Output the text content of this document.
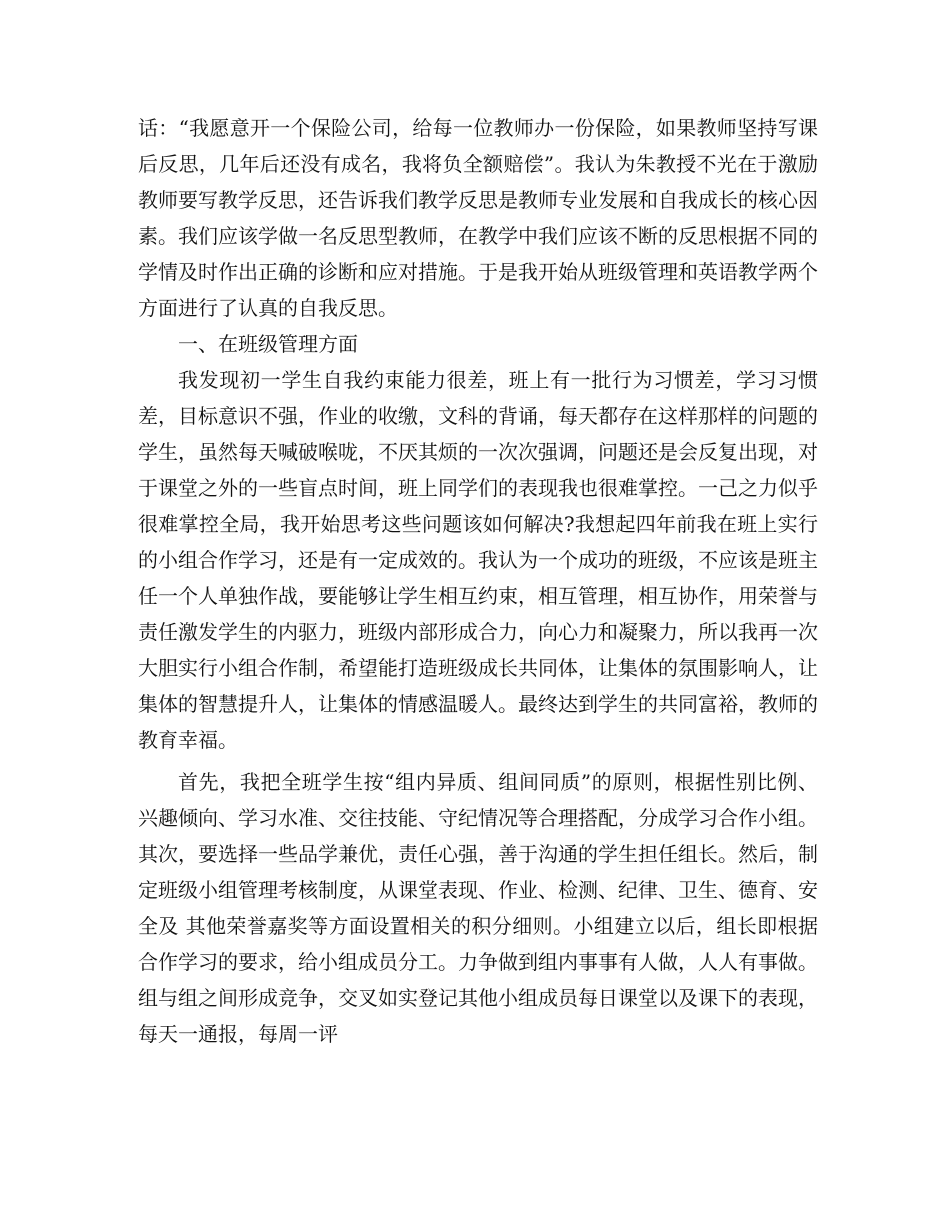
话：“我愿意开一个保险公司，给每一位教师办一份保险，如果教师坚持写课后反思，几年后还没有成名，我将负全额赔偿”。我认为朱教授不光在于激励教师要写教学反思，还告诉我们教学反思是教师专业发展和自我成长的核心因素。我们应该学做一名反思型教师，在教学中我们应该不断的反思根据不同的学情及时作出正确的诊断和应对措施。于是我开始从班级管理和英语教学两个方面进行了认真的自我反思。

一、在班级管理方面

我发现初一学生自我约束能力很差，班上有一批行为习惯差，学习习惯差，目标意识不强，作业的收缴，文科的背诵，每天都存在这样那样的问题的学生，虽然每天喊破喉咙，不厌其烦的一次次强调，问题还是会反复出现，对于课堂之外的一些盲点时间，班上同学们的表现我也很难掌控。一己之力似乎很难掌控全局，我开始思考这些问题该如何解决?我想起四年前我在班上实行的小组合作学习，还是有一定成效的。我认为一个成功的班级，不应该是班主任一个人单独作战，要能够让学生相互约束，相互管理，相互协作，用荣誉与责任激发学生的内驱力，班级内部形成合力，向心力和凝聚力，所以我再一次大胆实行小组合作制，希望能打造班级成长共同体，让集体的氛围影响人，让集体的智慧提升人，让集体的情感温暖人。最终达到学生的共同富裕，教师的教育幸福。

首先，我把全班学生按“组内异质、组间同质”的原则，根据性别比例、兴趣倾向、学习水准、交往技能、守纪情况等合理搭配，分成学习合作小组。其次，要选择一些品学兼优，责任心强，善于沟通的学生担任组长。然后，制定班级小组管理考核制度，从课堂表现、作业、检测、纪律、卫生、德育、安全及 其他荣誉嘉奖等方面设置相关的积分细则。小组建立以后，组长即根据合作学习的要求，给小组成员分工。力争做到组内事事有人做，人人有事做。组与组之间形成竞争，交叉如实登记其他小组成员每日课堂以及课下的表现，每天一通报，每周一评
